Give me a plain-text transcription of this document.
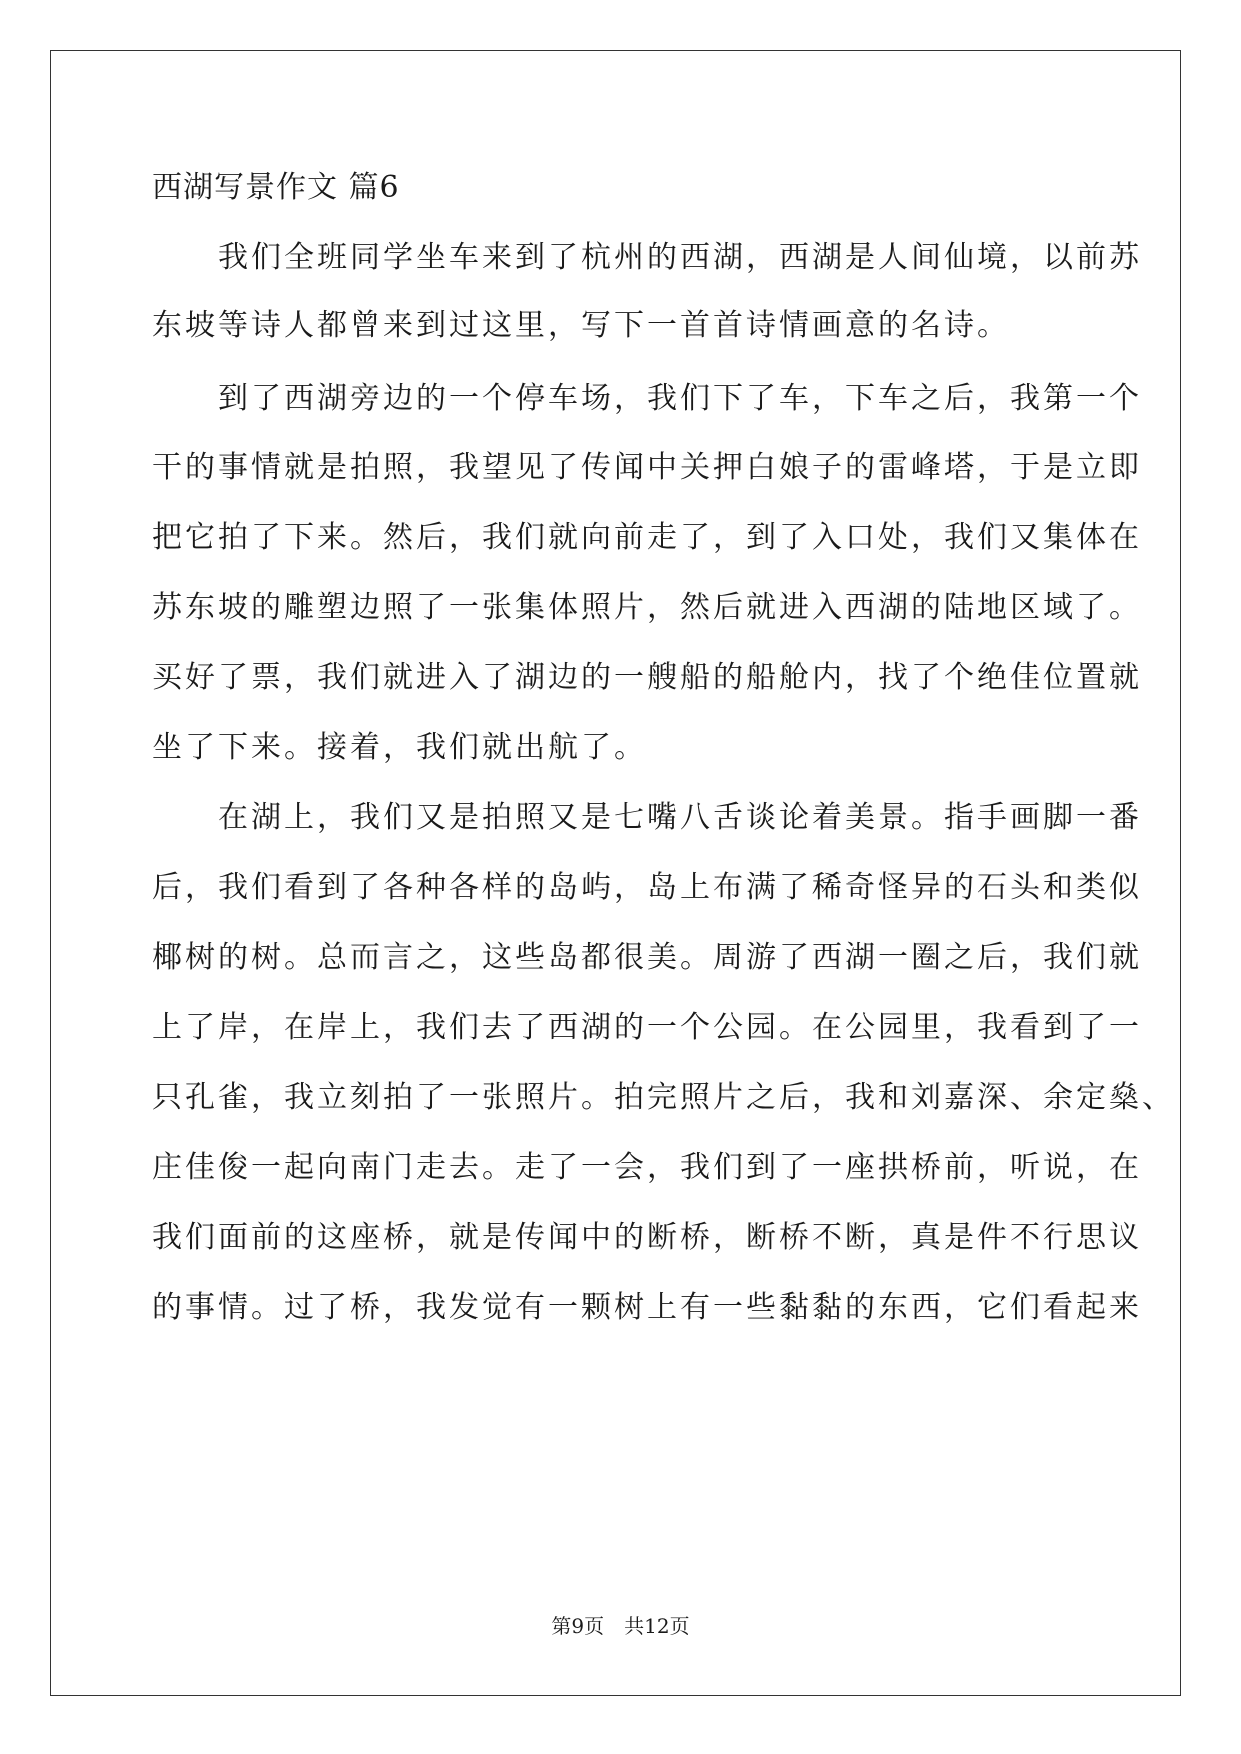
西湖写景作文 篇6
　　我们全班同学坐车来到了杭州的西湖，西湖是人间仙境，以前苏
东坡等诗人都曾来到过这里，写下一首首诗情画意的名诗。
　　到了西湖旁边的一个停车场，我们下了车，下车之后，我第一个
干的事情就是拍照，我望见了传闻中关押白娘子的雷峰塔，于是立即
把它拍了下来。然后，我们就向前走了，到了入口处，我们又集体在
苏东坡的雕塑边照了一张集体照片，然后就进入西湖的陆地区域了。
买好了票，我们就进入了湖边的一艘船的船舱内，找了个绝佳位置就
坐了下来。接着，我们就出航了。
　　在湖上，我们又是拍照又是七嘴八舌谈论着美景。指手画脚一番
后，我们看到了各种各样的岛屿，岛上布满了稀奇怪异的石头和类似
椰树的树。总而言之，这些岛都很美。周游了西湖一圈之后，我们就
上了岸，在岸上，我们去了西湖的一个公园。在公园里，我看到了一
只孔雀，我立刻拍了一张照片。拍完照片之后，我和刘嘉深、余定燊、
庄佳俊一起向南门走去。走了一会，我们到了一座拱桥前，听说，在
我们面前的这座桥，就是传闻中的断桥，断桥不断，真是件不行思议
的事情。过了桥，我发觉有一颗树上有一些黏黏的东西，它们看起来
第9页　共12页
